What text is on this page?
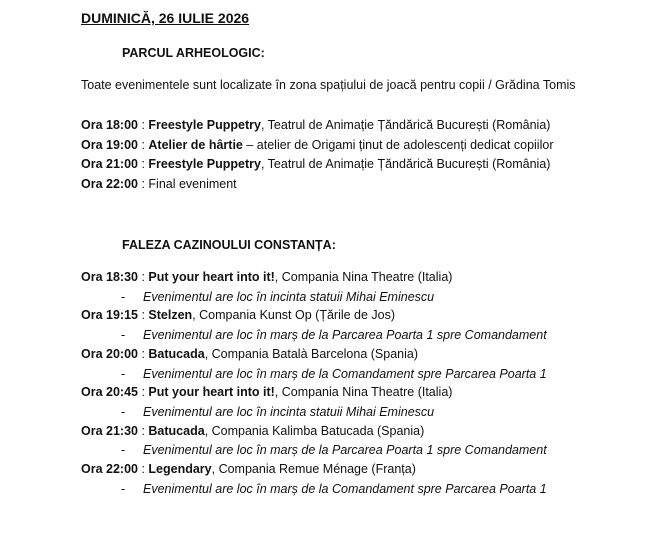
DUMINICĂ, 26 IULIE 2026
PARCUL ARHEOLOGIC:
Toate evenimentele sunt localizate în zona spațiului de joacă pentru copii / Grădina Tomis
Ora 18:00 : Freestyle Puppetry, Teatrul de Animație Țăndărică București (România)
Ora 19:00 : Atelier de hârtie – atelier de Origami ținut de adolescenți dedicat copiilor
Ora 21:00 : Freestyle Puppetry, Teatrul de Animație Țăndărică București (România)
Ora 22:00 : Final eveniment
FALEZA CAZINOULUI CONSTANȚA:
Ora 18:30 : Put your heart into it!, Compania Nina Theatre (Italia)
- Evenimentul are loc în incinta statuii Mihai Eminescu
Ora 19:15 : Stelzen, Compania Kunst Op (Țările de Jos)
- Evenimentul are loc în marș de la Parcarea Poarta 1 spre Comandament
Ora 20:00 : Batucada, Compania Batalà Barcelona (Spania)
- Evenimentul are loc în marș de la Comandament spre Parcarea Poarta 1
Ora 20:45 : Put your heart into it!, Compania Nina Theatre (Italia)
- Evenimentul are loc în incinta statuii Mihai Eminescu
Ora 21:30 : Batucada, Compania Kalimba Batucada (Spania)
- Evenimentul are loc în marș de la Parcarea Poarta 1 spre Comandament
Ora 22:00 : Legendary, Compania Remue Ménage (Franța)
- Evenimentul are loc în marș de la Comandament spre Parcarea Poarta 1
